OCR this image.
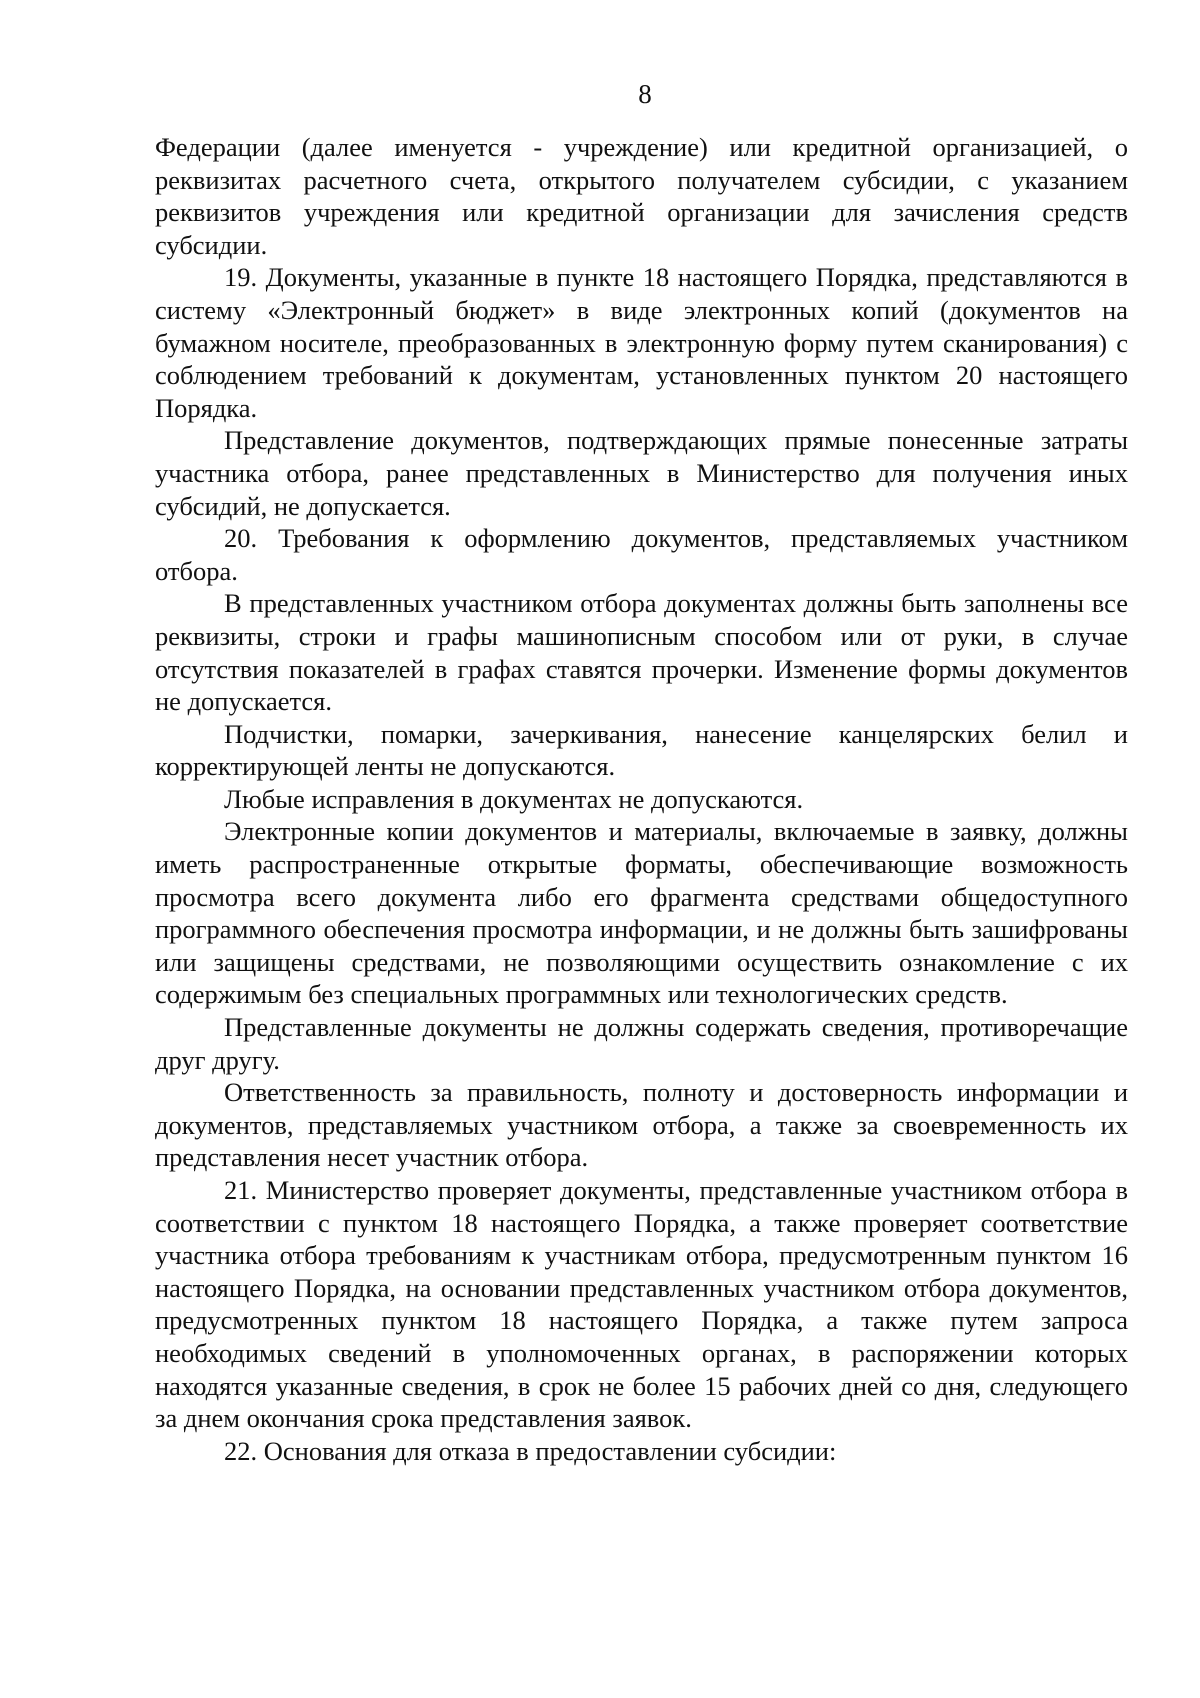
8

Федерации (далее именуется - учреждение) или кредитной организацией, о реквизитах расчетного счета, открытого получателем субсидии, с указанием реквизитов учреждения или кредитной организации для зачисления средств субсидии.

19. Документы, указанные в пункте 18 настоящего Порядка, представляются в систему «Электронный бюджет» в виде электронных копий (документов на бумажном носителе, преобразованных в электронную форму путем сканирования) с соблюдением требований к документам, установленных пунктом 20 настоящего Порядка.

Представление документов, подтверждающих прямые понесенные затраты участника отбора, ранее представленных в Министерство для получения иных субсидий, не допускается.

20. Требования к оформлению документов, представляемых участником отбора.

В представленных участником отбора документах должны быть заполнены все реквизиты, строки и графы машинописным способом или от руки, в случае отсутствия показателей в графах ставятся прочерки. Изменение формы документов не допускается.

Подчистки, помарки, зачеркивания, нанесение канцелярских белил и корректирующей ленты не допускаются.

Любые исправления в документах не допускаются.

Электронные копии документов и материалы, включаемые в заявку, должны иметь распространенные открытые форматы, обеспечивающие возможность просмотра всего документа либо его фрагмента средствами общедоступного программного обеспечения просмотра информации, и не должны быть зашифрованы или защищены средствами, не позволяющими осуществить ознакомление с их содержимым без специальных программных или технологических средств.

Представленные документы не должны содержать сведения, противоречащие друг другу.

Ответственность за правильность, полноту и достоверность информации и документов, представляемых участником отбора, а также за своевременность их представления несет участник отбора.

21. Министерство проверяет документы, представленные участником отбора в соответствии с пунктом 18 настоящего Порядка, а также проверяет соответствие участника отбора требованиям к участникам отбора, предусмотренным пунктом 16 настоящего Порядка, на основании представленных участником отбора документов, предусмотренных пунктом 18 настоящего Порядка, а также путем запроса необходимых сведений в уполномоченных органах, в распоряжении которых находятся указанные сведения, в срок не более 15 рабочих дней со дня, следующего за днем окончания срока представления заявок.

22. Основания для отказа в предоставлении субсидии:
